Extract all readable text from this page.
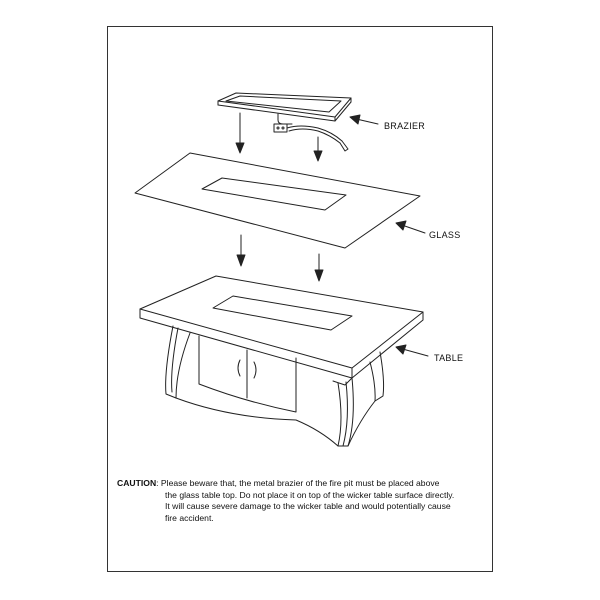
BRAZIER
GLASS
TABLE
CAUTION: Please beware that, the metal brazier of the fire pit must be placed above
the glass table top. Do not place it on top of the wicker table surface directly.
It will cause severe damage to the wicker table and would potentially cause
fire accident.
